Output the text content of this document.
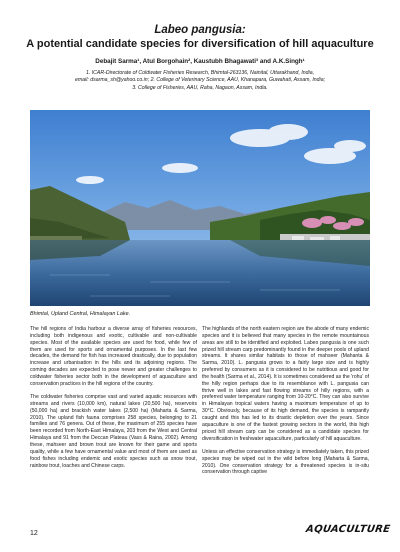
Labeo pangusia:
A potential candidate species for diversification of hill aquaculture
Debajit Sarma¹, Atul Borgohain², Kaustubh Bhagawati³ and A.K.Singh¹
1. ICAR-Directorate of Coldwater Fisheries Research, Bhimtal-263136, Nainital, Uttarakhand, India,
email: dsarma_sh@yahoo.co.in; 2. College of Veterinary Science, AAU, Khanapara, Guwahati, Assam, India;
3. College of Fisheries, AAU, Raha, Nagaon, Assam, India.
Bhimtal, Upland Central, Himalayan Lake.

The hill regions of India harbour a diverse array of fisheries resources, including both indigenous and exotic, cultivable and non-cultivable species. Most of the available species are used for food, while few of them are used for sports and ornamental purposes. In the last few decades, the demand for fish has increased drastically, due to population increase and urbanisation in the hills and its adjoining regions. The coming decades are expected to pose newer and greater challenges to coldwater fisheries sector both in the development of aquaculture and conservation practices in the hill regions of the country.

The coldwater fisheries comprise vast and varied aquatic resources with streams and rivers (10,000 km), natural lakes (20,500 ha), reservoirs (50,000 ha) and brackish water lakes (2,500 ha) (Maharta & Sarma, 2010). The upland fish fauna comprises 258 species, belonging to 21 families and 76 genera. Out of these, the maximum of 255 species have been recorded from North-East Himalaya, 203 from the West and Central Himalaya and 91 from the Deccan Plateau (Vass & Raina, 2002). Among these, mahseer and brown trout are known for their game and sports quality, while a few have ornamental value and most of them are used as food fishes including endemic and exotic species such as snow trout, rainbow trout, loaches and Chinese carps.

The highlands of the north eastern region are the abode of many endemic species and it is believed that many species in the remote mountainous areas are still to be identified and exploited. Labeo pangusia is one such prized hill stream carp predominantly found in the deeper pools of upland streams. It shares similar habitats to those of mahseer (Mahanta & Sarma, 2010). L. pangusia grows to a fairly large size and is highly preferred by consumers as it is considered to be nutritious and good for the health (Sarma et al., 2014). It is sometimes considered as the 'rohu' of the hilly region perhaps due to its resemblance with L. pangusia can thrive well in lakes and fast flowing streams of hilly regions, with a preferred water temperature ranging from 10-20°C. They can also survive in Himalayan tropical waters having a maximum temperature of up to 30°C. Obviously, because of its high demand, the species is rampantly caught and this has led to its drastic depletion over the years. Since aquaculture is one of the fastest growing sectors in the world, this high priced hill stream carp can be considered as a candidate species for diversification in freshwater aquaculture, particularly of hill aquaculture.

Unless an effective conservation strategy is immediately taken, this prized species may be wiped out in the wild before long (Maharta & Sarma, 2010). One conservation strategy for a threatened species is in-situ conservation through captive

12	AQUACULTURE
